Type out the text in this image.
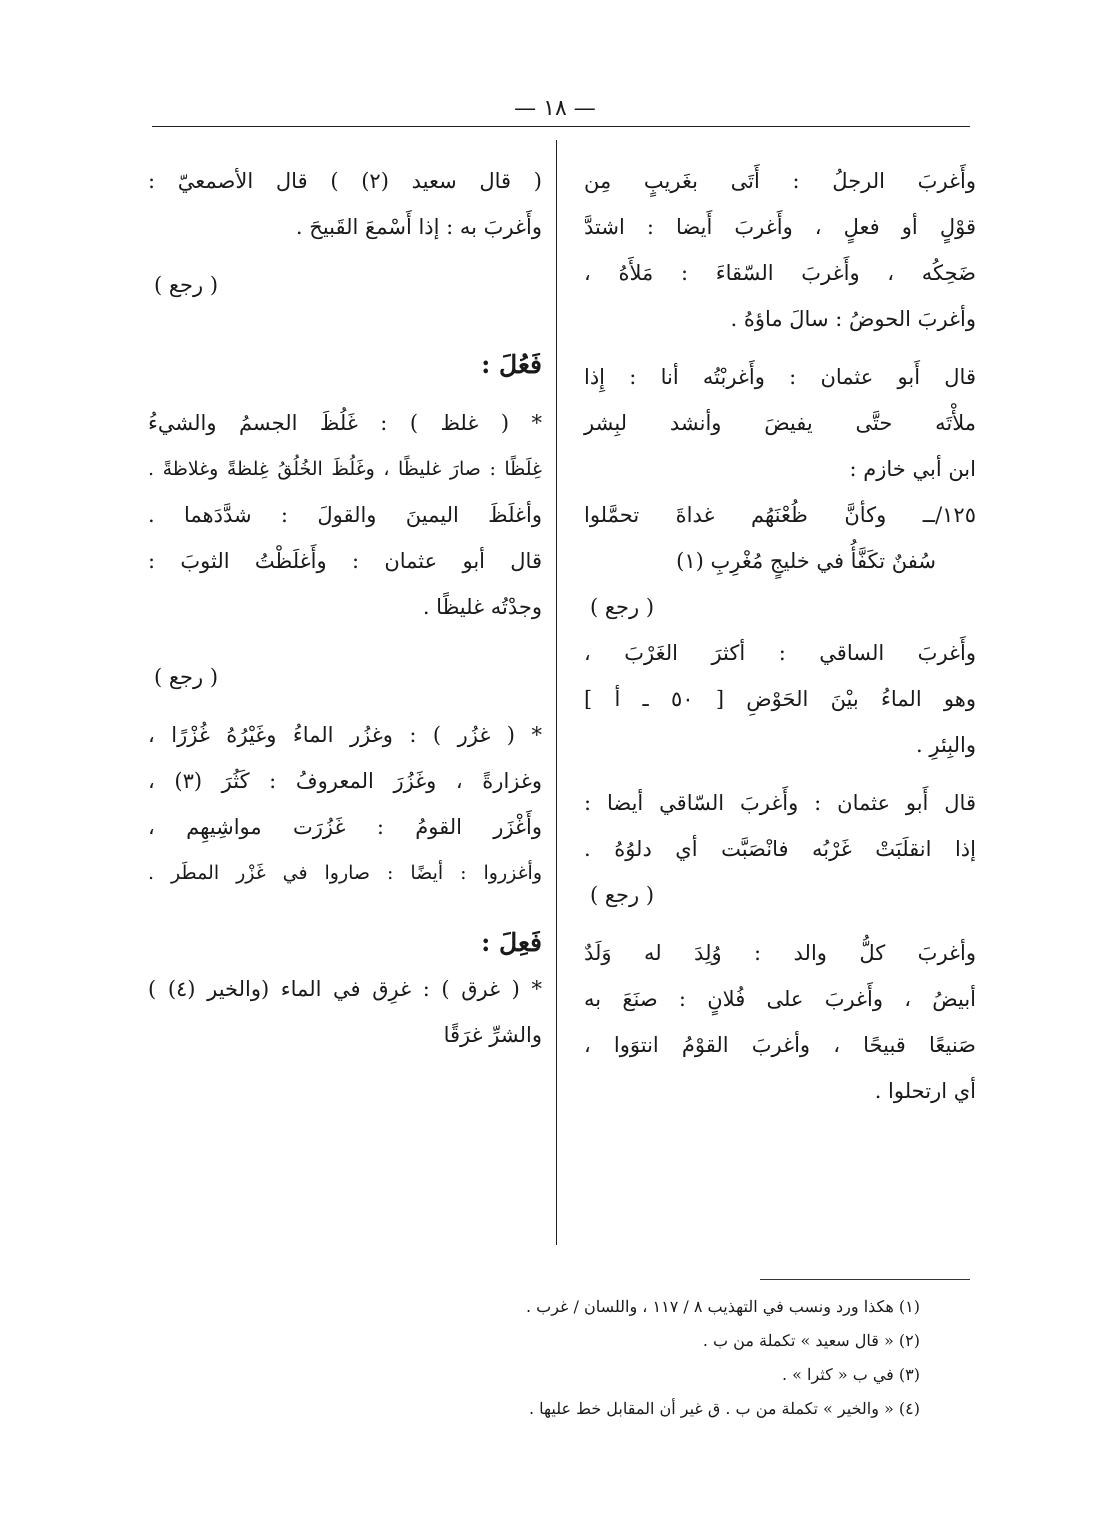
— ١٨ —
وأَغربَ الرجلُ : أَتَى بغَريبٍ مِن
قوْلٍ أو فعلٍ ، وأَغربَ أَيضا : اشتدَّ
ضَحِكُه ، وأَغربَ السّقاءَ : مَلأَهُ ،
وأغربَ الحوضُ : سالَ ماؤهُ .
قال أَبو عثمان : وأَغربْتُه أنا : إِذا
ملأْتَه حتَّى يفيضَ وأنشد لبِشر
ابن أبي خازم :
١٢٥/ــ وكأنَّ ظُعْنَهُم غداةَ تحمَّلوا
سُفنٌ تكَفَّأُ في خليجٍ مُغْرِبِ (١)
( رجع )
وأَغربَ الساقي : أكثرَ الغَرْبَ ،
وهو الماءُ بيْنَ الحَوْضِ [ ٥٠ ـ أ ]
والبِئرِ .
قال أَبو عثمان : وأَغربَ السّاقي أيضا :
إذا انقلَبَتْ غَرْبُه فانْصَبَّت أي دلوُهُ .
( رجع )
وأغربَ كلُّ والد : وُلِدَ له وَلَدٌ
أبيضُ ، وأَغربَ على فُلانٍ : صنَعَ به
صَنيعًا قبيحًا ، وأغربَ القوْمُ انتوَوا ،
أي ارتحلوا .
( قال سعيد (٢) ) قال الأصمعيّ :
وأَغربَ به : إذا أَسْمعَ القَبيحَ .
( رجع )
فَعُلَ :
* ( غلظ ) : غَلُظَ الجسمُ والشيءُ
غِلَظًا : صارَ غليظًا ، وغَلُظَ الخُلُقُ غِلظةً وغلاظةً .
وأغلَظَ اليمينَ والقولَ : شدَّدَهما .
قال أبو عثمان : وأَغلَظْتُ الثوبَ :
وجدْتُه غليظًا .
( رجع )
* ( غزُر ) : وغزُر الماءُ وغَيْرُهُ غُزْرًا ،
وغزارةً ، وغَزُرَ المعروفُ : كَثُرَ (٣) ،
وأَغْزَر القومُ : غَزُرَت مواشِيهِم ،
وأغزروا : أيضًا : صاروا في غَزْر المطَر .
فَعِلَ :
* ( غرق ) : غرِق في الماء (والخير (٤) )
والشرِّ غرَقًا
(١) هكذا ورد ونسب في التهذيب ٨ / ١١٧ ، واللسان / غرب .
(٢) « قال سعيد » تكملة من ب .
(٣) في ب « كثرا » .
(٤) « والخير » تكملة من ب . ق غير أن المقابل خط عليها .
